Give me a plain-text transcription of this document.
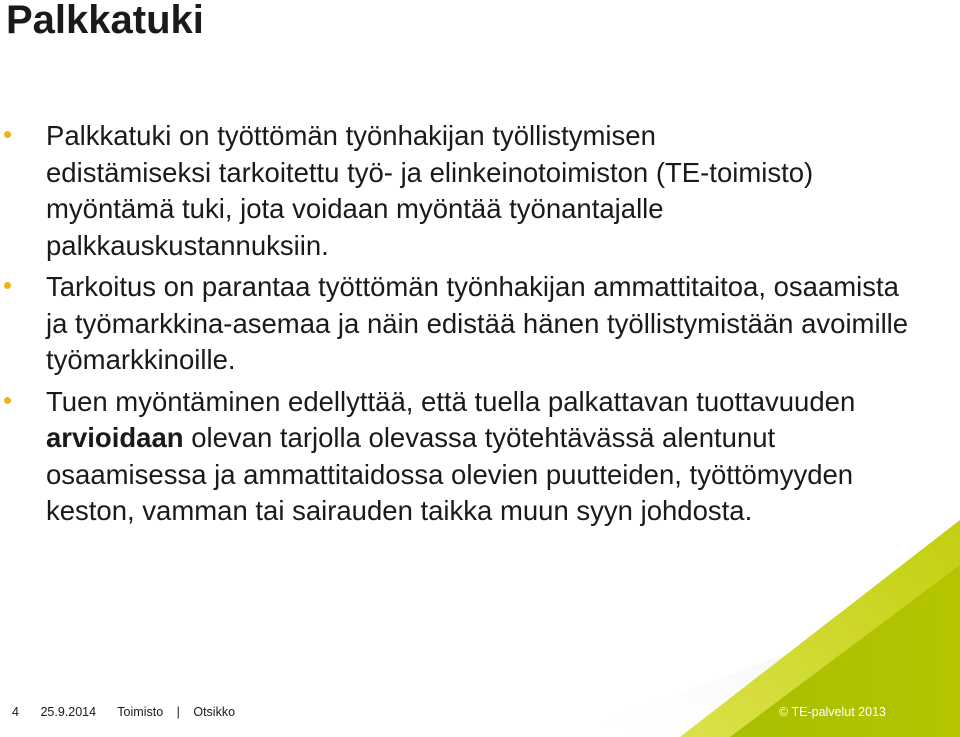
Palkkatuki
Palkkatuki on työttömän työnhakijan työllistymisen edistämiseksi tarkoitettu työ- ja elinkeinotoimiston (TE-toimisto) myöntämä tuki, jota voidaan myöntää työnantajalle palkkauskustannuksiin.
Tarkoitus on parantaa työttömän työnhakijan ammattitaitoa, osaamista ja työmarkkina-asemaa ja näin edistää hänen työllistymistään avoimille työmarkkinoille.
Tuen myöntäminen edellyttää, että tuella palkattavan tuottavuuden arvioidaan olevan tarjolla olevassa työtehtävässä alentunut osaamisessa ja ammattitaidossa olevien puutteiden, työttömyyden keston, vamman tai sairauden taikka muun syyn johdosta.
4 25.9.2014 Toimisto | Otsikko	© TE-palvelut 2013
